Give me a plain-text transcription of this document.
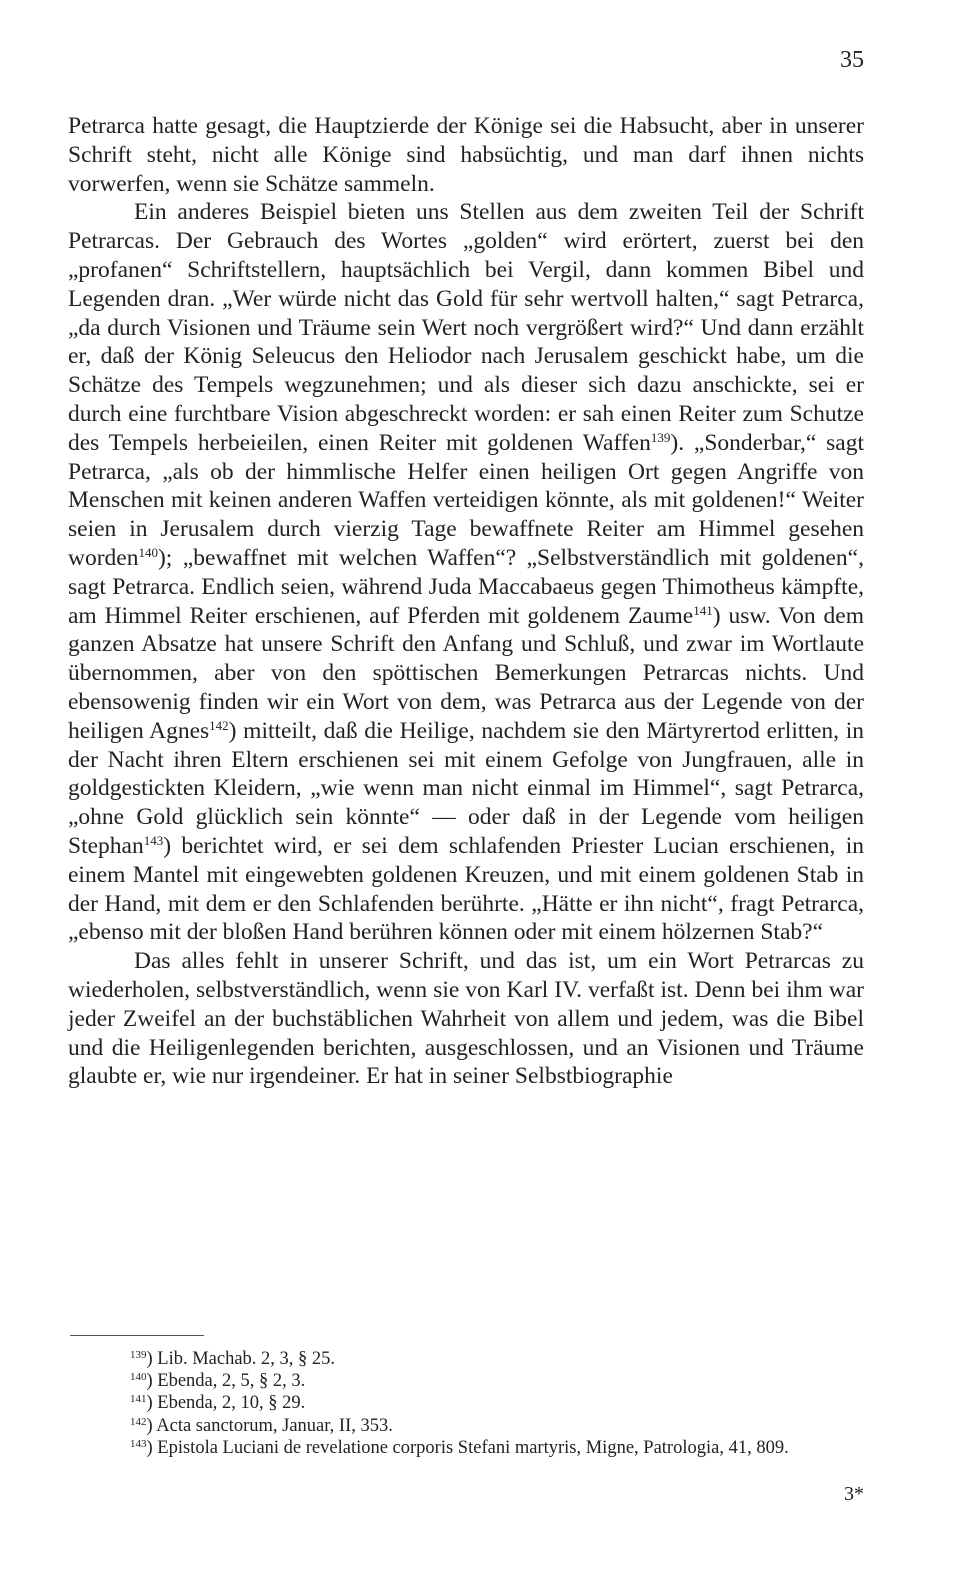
35

Petrarca hatte gesagt, die Hauptzierde der Könige sei die Habsucht, aber in unserer Schrift steht, nicht alle Könige sind habsüchtig, und man darf ihnen nichts vorwerfen, wenn sie Schätze sammeln.

Ein anderes Beispiel bieten uns Stellen aus dem zweiten Teil der Schrift Petrarcas. Der Gebrauch des Wortes „golden“ wird erörtert, zuerst bei den „profanen“ Schriftstellern, hauptsächlich bei Vergil, dann kommen Bibel und Legenden dran. „Wer würde nicht das Gold für sehr wertvoll halten,“ sagt Petrarca, „da durch Visionen und Träume sein Wert noch vergrößert wird?“ Und dann erzählt er, daß der König Seleucus den Heliodor nach Jerusalem geschickt habe, um die Schätze des Tempels wegzunehmen; und als dieser sich dazu anschickte, sei er durch eine furchtbare Vision abgeschreckt worden: er sah einen Reiter zum Schutze des Tempels herbeieilen, einen Reiter mit goldenen Waffen$^{139}$). „Sonderbar,“ sagt Petrarca, „als ob der himmlische Helfer einen heiligen Ort gegen Angriffe von Menschen mit keinen anderen Waffen verteidigen könnte, als mit goldenen!“ Weiter seien in Jerusalem durch vierzig Tage bewaffnete Reiter am Himmel gesehen worden$^{140}$); „bewaffnet mit welchen Waffen“? „Selbstverständlich mit goldenen“, sagt Petrarca. Endlich seien, während Juda Maccabaeus gegen Thimotheus kämpfte, am Himmel Reiter erschienen, auf Pferden mit goldenem Zaume$^{141}$) usw. Von dem ganzen Absatze hat unsere Schrift den Anfang und Schluß, und zwar im Wortlaute übernommen, aber von den spöttischen Bemerkungen Petrarcas nichts. Und ebensowenig finden wir ein Wort von dem, was Petrarca aus der Legende von der heiligen Agnes$^{142}$) mitteilt, daß die Heilige, nachdem sie den Märtyrertod erlitten, in der Nacht ihren Eltern erschienen sei mit einem Gefolge von Jungfrauen, alle in goldgestickten Kleidern, „wie wenn man nicht einmal im Himmel“, sagt Petrarca, „ohne Gold glücklich sein könnte“ — oder daß in der Legende vom heiligen Stephan$^{143}$) berichtet wird, er sei dem schlafenden Priester Lucian erschienen, in einem Mantel mit eingewebten goldenen Kreuzen, und mit einem goldenen Stab in der Hand, mit dem er den Schlafenden berührte. „Hätte er ihn nicht“, fragt Petrarca, „ebenso mit der bloßen Hand berühren können oder mit einem hölzernen Stab?“

Das alles fehlt in unserer Schrift, und das ist, um ein Wort Petrarcas zu wiederholen, selbstverständlich, wenn sie von Karl IV. verfaßt ist. Denn bei ihm war jeder Zweifel an der buchstäblichen Wahrheit von allem und jedem, was die Bibel und die Heiligenlegenden berichten, ausgeschlossen, und an Visionen und Träume glaubte er, wie nur irgendeiner. Er hat in seiner Selbstbiographie

$^{139}$) Lib. Machab. 2, 3, § 25.

$^{140}$) Ebenda, 2, 5, § 2, 3.

$^{141}$) Ebenda, 2, 10, § 29.

$^{142}$) Acta sanctorum, Januar, II, 353.

$^{143}$) Epistola Luciani de revelatione corporis Stefani martyris, Migne, Patrologia, 41, 809.

3*
